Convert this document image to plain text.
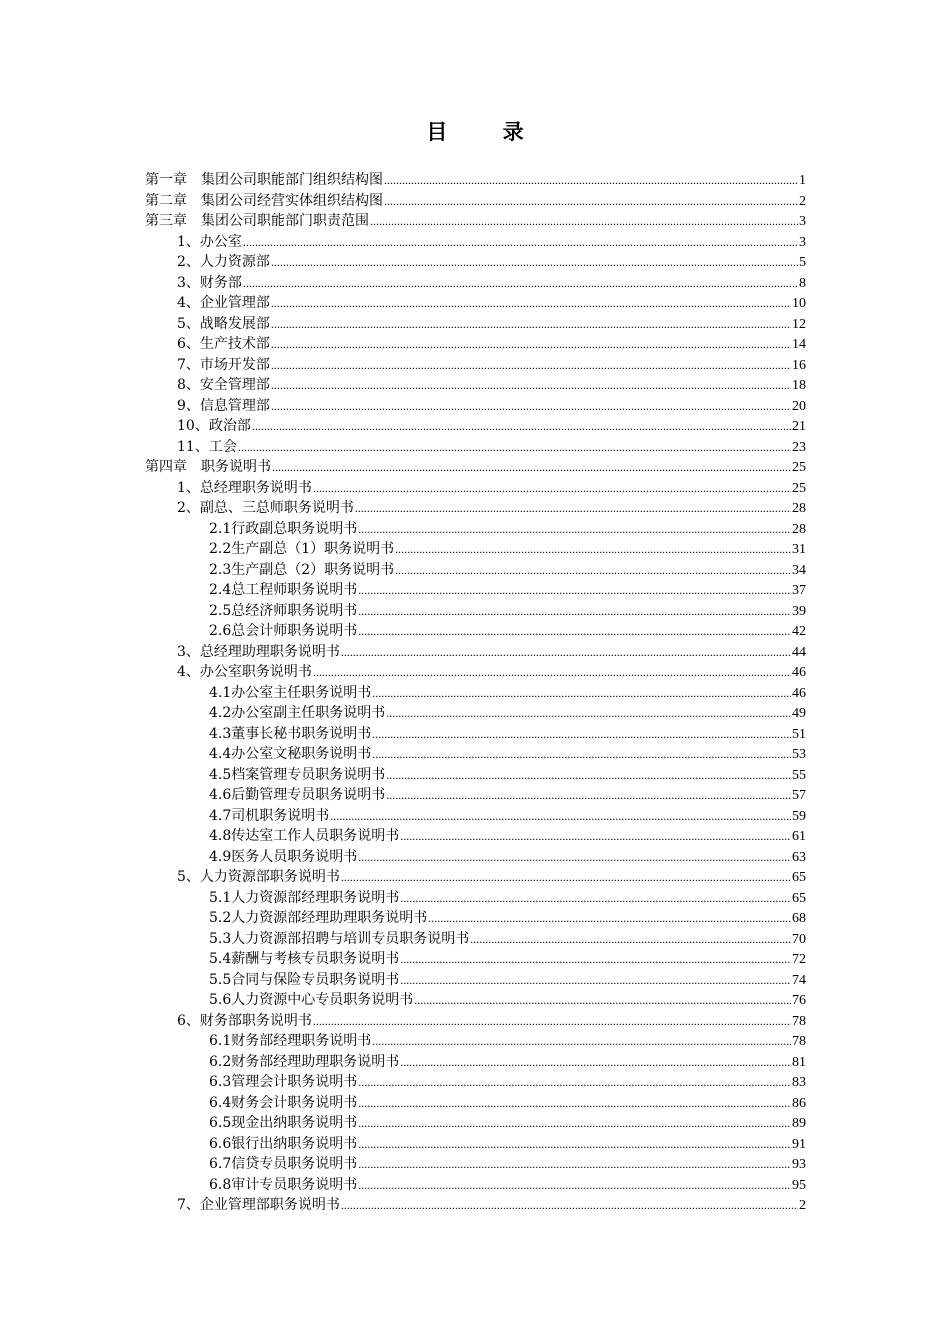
目 录
第一章　集团公司职能部门组织结构图 .....	1
第二章　集团公司经营实体组织结构图 .....	2
第三章　集团公司职能部门职责范围 .....	3
1、办公室 .....	3
2、人力资源部 .....	5
3、财务部 .....	8
4、企业管理部 .....	10
5、战略发展部 .....	12
6、生产技术部 .....	14
7、市场开发部 .....	16
8、安全管理部 .....	18
9、信息管理部 .....	20
10、政治部 .....	21
11、工会 .....	23
第四章　职务说明书 .....	25
1、总经理职务说明书 .....	25
2、副总、三总师职务说明书 .....	28
2.1行政副总职务说明书 .....	28
2.2生产副总（1）职务说明书 .....	31
2.3生产副总（2）职务说明书 .....	34
2.4总工程师职务说明书 .....	37
2.5总经济师职务说明书 .....	39
2.6总会计师职务说明书 .....	42
3、总经理助理职务说明书 .....	44
4、办公室职务说明书 .....	46
4.1办公室主任职务说明书 .....	46
4.2办公室副主任职务说明书 .....	49
4.3董事长秘书职务说明书 .....	51
4.4办公室文秘职务说明书 .....	53
4.5档案管理专员职务说明书 .....	55
4.6后勤管理专员职务说明书 .....	57
4.7司机职务说明书 .....	59
4.8传达室工作人员职务说明书 .....	61
4.9医务人员职务说明书 .....	63
5、人力资源部职务说明书 .....	65
5.1人力资源部经理职务说明书 .....	65
5.2人力资源部经理助理职务说明书 .....	68
5.3人力资源部招聘与培训专员职务说明书 .....	70
5.4薪酬与考核专员职务说明书 .....	72
5.5合同与保险专员职务说明书 .....	74
5.6人力资源中心专员职务说明书 .....	76
6、财务部职务说明书 .....	78
6.1财务部经理职务说明书 .....	78
6.2财务部经理助理职务说明书 .....	81
6.3管理会计职务说明书 .....	83
6.4财务会计职务说明书 .....	86
6.5现金出纳职务说明书 .....	89
6.6银行出纳职务说明书 .....	91
6.7信贷专员职务说明书 .....	93
6.8审计专员职务说明书 .....	95
7、企业管理部职务说明书 .....	2
